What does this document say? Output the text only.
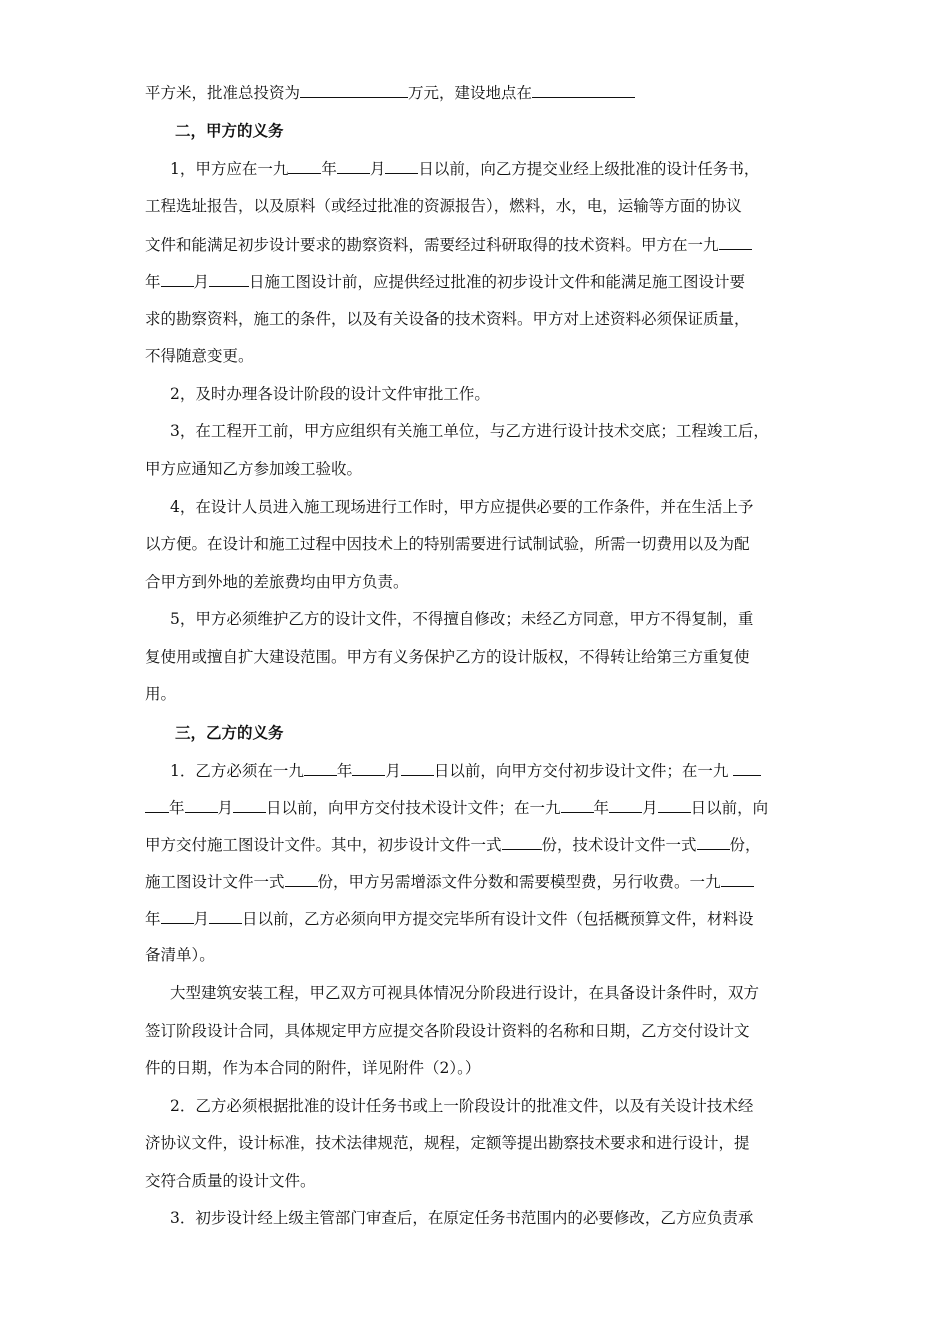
平方米，批准总投资为	万元，建设地点在
二，甲方的义务
1，甲方应在一九 年 月 日以前，向乙方提交业经上级批准的设计任务书，
工程选址报告，以及原料（或经过批准的资源报告），燃料，水，电，运输等方面的协议
文件和能满足初步设计要求的勘察资料，需要经过科研取得的技术资料。甲方在一九
年 月	日施工图设计前，应提供经过批准的初步设计文件和能满足施工图设计要
求的勘察资料，施工的条件，以及有关设备的技术资料。甲方对上述资料必须保证质量，
不得随意变更。
2，及时办理各设计阶段的设计文件审批工作。
3，在工程开工前，甲方应组织有关施工单位，与乙方进行设计技术交底；工程竣工后，
甲方应通知乙方参加竣工验收。
4，在设计人员进入施工现场进行工作时，甲方应提供必要的工作条件，并在生活上予
以方便。在设计和施工过程中因技术上的特别需要进行试制试验，所需一切费用以及为配
合甲方到外地的差旅费均由甲方负责。
5，甲方必须维护乙方的设计文件，不得擅自修改；未经乙方同意，甲方不得复制，重
复使用或擅自扩大建设范围。甲方有义务保护乙方的设计版权，不得转让给第三方重复使
用。
三，乙方的义务
1．乙方必须在一九 年 月 日以前，向甲方交付初步设计文件；在一九
年 月 日以前，向甲方交付技术设计文件；在一九 年 月 日以前，向
甲方交付施工图设计文件。其中，初步设计文件一式	份，技术设计文件一式 份，
施工图设计文件一式 份，甲方另需增添文件分数和需要模型费，另行收费。一九
年 月 日以前，乙方必须向甲方提交完毕所有设计文件（包括概预算文件，材料设
备清单）。
大型建筑安装工程，甲乙双方可视具体情况分阶段进行设计，在具备设计条件时，双方
签订阶段设计合同，具体规定甲方应提交各阶段设计资料的名称和日期，乙方交付设计文
件的日期，作为本合同的附件，详见附件（2）。）
2．乙方必须根据批准的设计任务书或上一阶段设计的批准文件，以及有关设计技术经
济协议文件，设计标准，技术法律规范，规程，定额等提出勘察技术要求和进行设计，提
交符合质量的设计文件。
3．初步设计经上级主管部门审查后，在原定任务书范围内的必要修改，乙方应负责承
